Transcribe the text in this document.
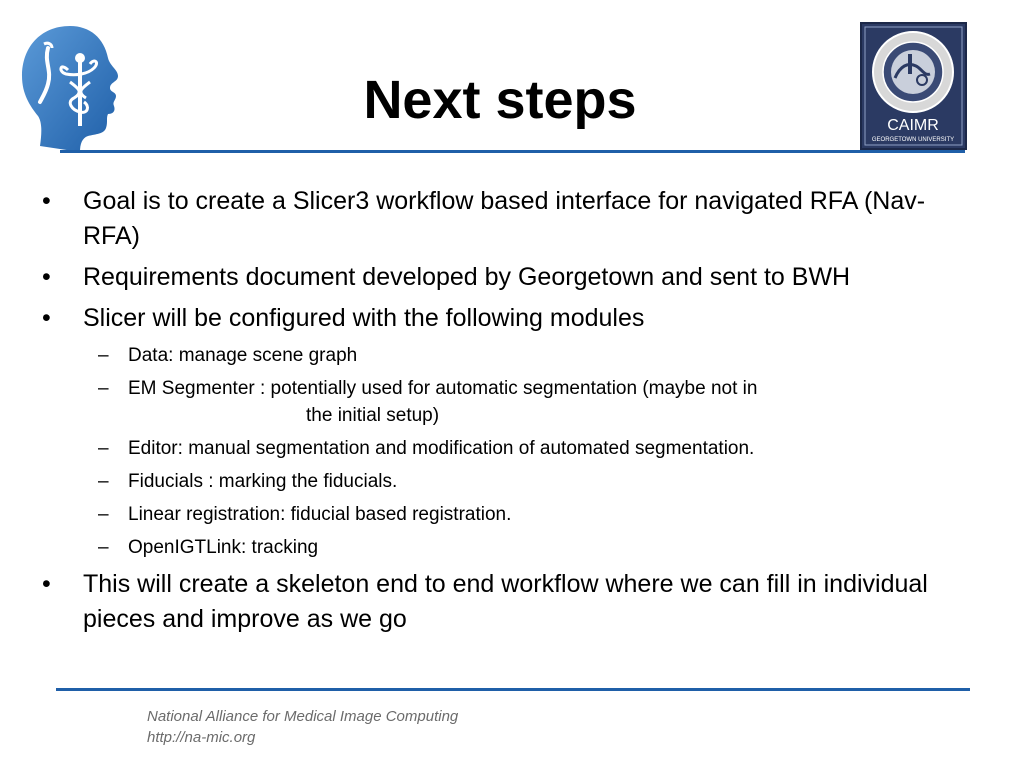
CAIMR
GEORGETOWN UNIVERSITY
Next steps
• Goal is to create a Slicer3 workflow based interface for navigated RFA (Nav-RFA)
• Requirements document developed by Georgetown and sent to BWH
• Slicer will be configured with the following modules
– Data: manage scene graph
– EM Segmenter : potentially used for automatic segmentation (maybe not in
the initial setup)
– Editor: manual segmentation and modification of automated segmentation.
– Fiducials : marking the fiducials.
– Linear registration: fiducial based registration.
– OpenIGTLink: tracking
• This will create a skeleton end to end workflow where we can fill in individual pieces and improve as we go
National Alliance for Medical Image Computing
http://na-mic.org
